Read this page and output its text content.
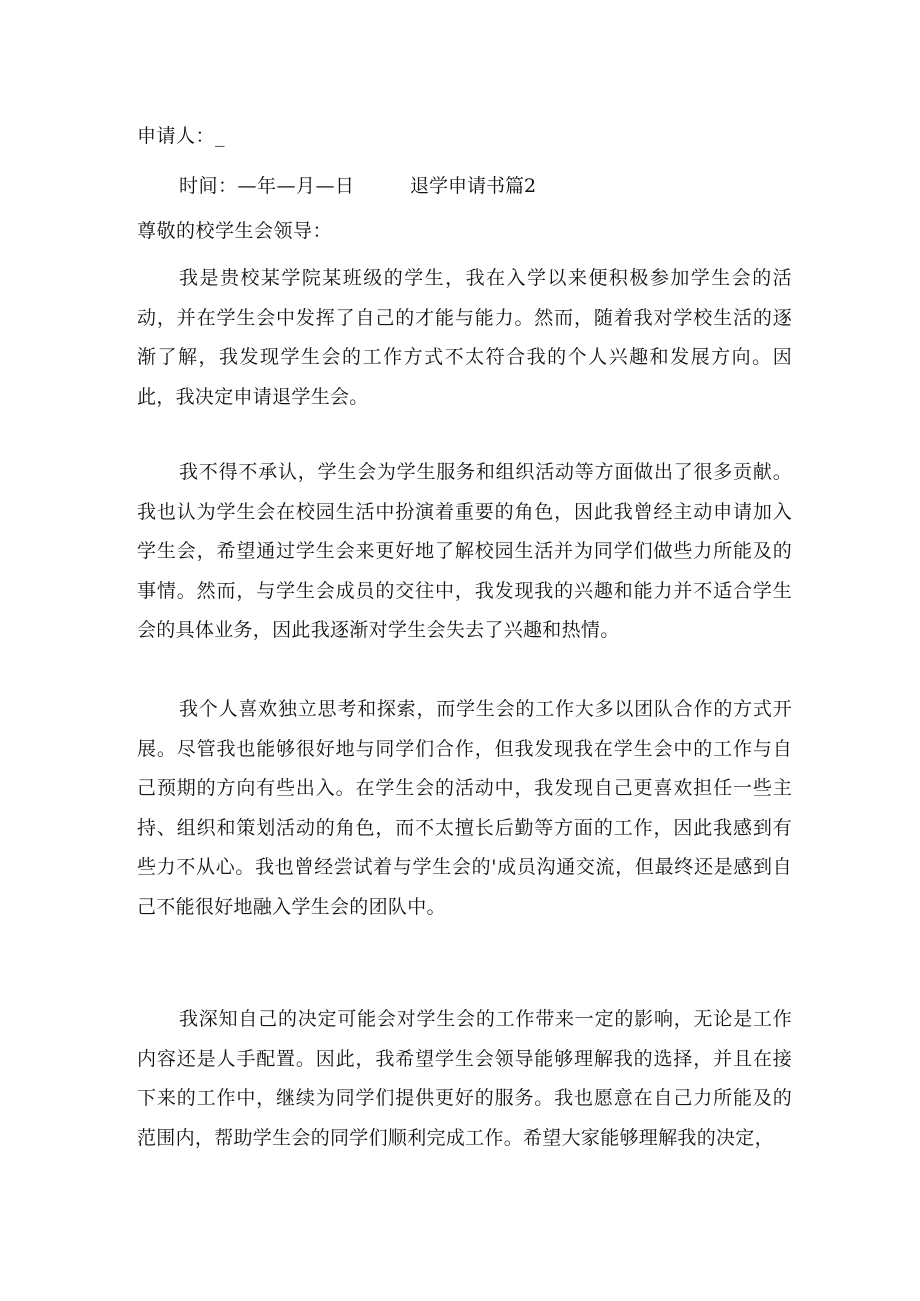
申请人：_
时间：—年—月—日	退学申请书篇2
尊敬的校学生会领导：

我是贵校某学院某班级的学生，我在入学以来便积极参加学生会的活动，并在学生会中发挥了自己的才能与能力。然而，随着我对学校生活的逐渐了解，我发现学生会的工作方式不太符合我的个人兴趣和发展方向。因此，我决定申请退学生会。

我不得不承认，学生会为学生服务和组织活动等方面做出了很多贡献。我也认为学生会在校园生活中扮演着重要的角色，因此我曾经主动申请加入学生会，希望通过学生会来更好地了解校园生活并为同学们做些力所能及的事情。然而，与学生会成员的交往中，我发现我的兴趣和能力并不适合学生会的具体业务，因此我逐渐对学生会失去了兴趣和热情。

我个人喜欢独立思考和探索，而学生会的工作大多以团队合作的方式开展。尽管我也能够很好地与同学们合作，但我发现我在学生会中的工作与自己预期的方向有些出入。在学生会的活动中，我发现自己更喜欢担任一些主持、组织和策划活动的角色，而不太擅长后勤等方面的工作，因此我感到有些力不从心。我也曾经尝试着与学生会的'成员沟通交流，但最终还是感到自己不能很好地融入学生会的团队中。

我深知自己的决定可能会对学生会的工作带来一定的影响，无论是工作内容还是人手配置。因此，我希望学生会领导能够理解我的选择，并且在接下来的工作中，继续为同学们提供更好的服务。我也愿意在自己力所能及的范围内，帮助学生会的同学们顺利完成工作。希望大家能够理解我的决定，
